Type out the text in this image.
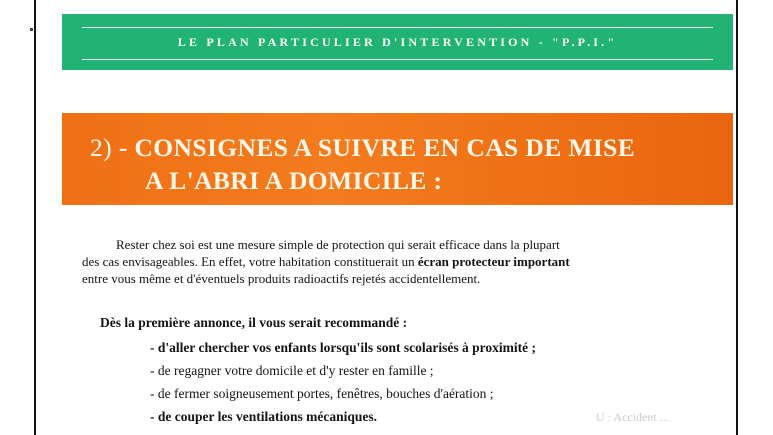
LE PLAN PARTICULIER D'INTERVENTION - "P.P.I."
2) - CONSIGNES A SUIVRE EN CAS DE MISE
A L'ABRI A DOMICILE :

Rester chez soi est une mesure simple de protection qui serait efficace dans la plupart
des cas envisageables. En effet, votre habitation constituerait un écran protecteur important
entre vous même et d'éventuels produits radioactifs rejetés accidentellement.

Dès la première annonce, il vous serait recommandé :
- d'aller chercher vos enfants lorsqu'ils sont scolarisés à proximité ;
- de regagner votre domicile et d'y rester en famille ;
- de fermer soigneusement portes, fenêtres, bouches d'aération ;
- de couper les ventilations mécaniques.	U : Accident ...
